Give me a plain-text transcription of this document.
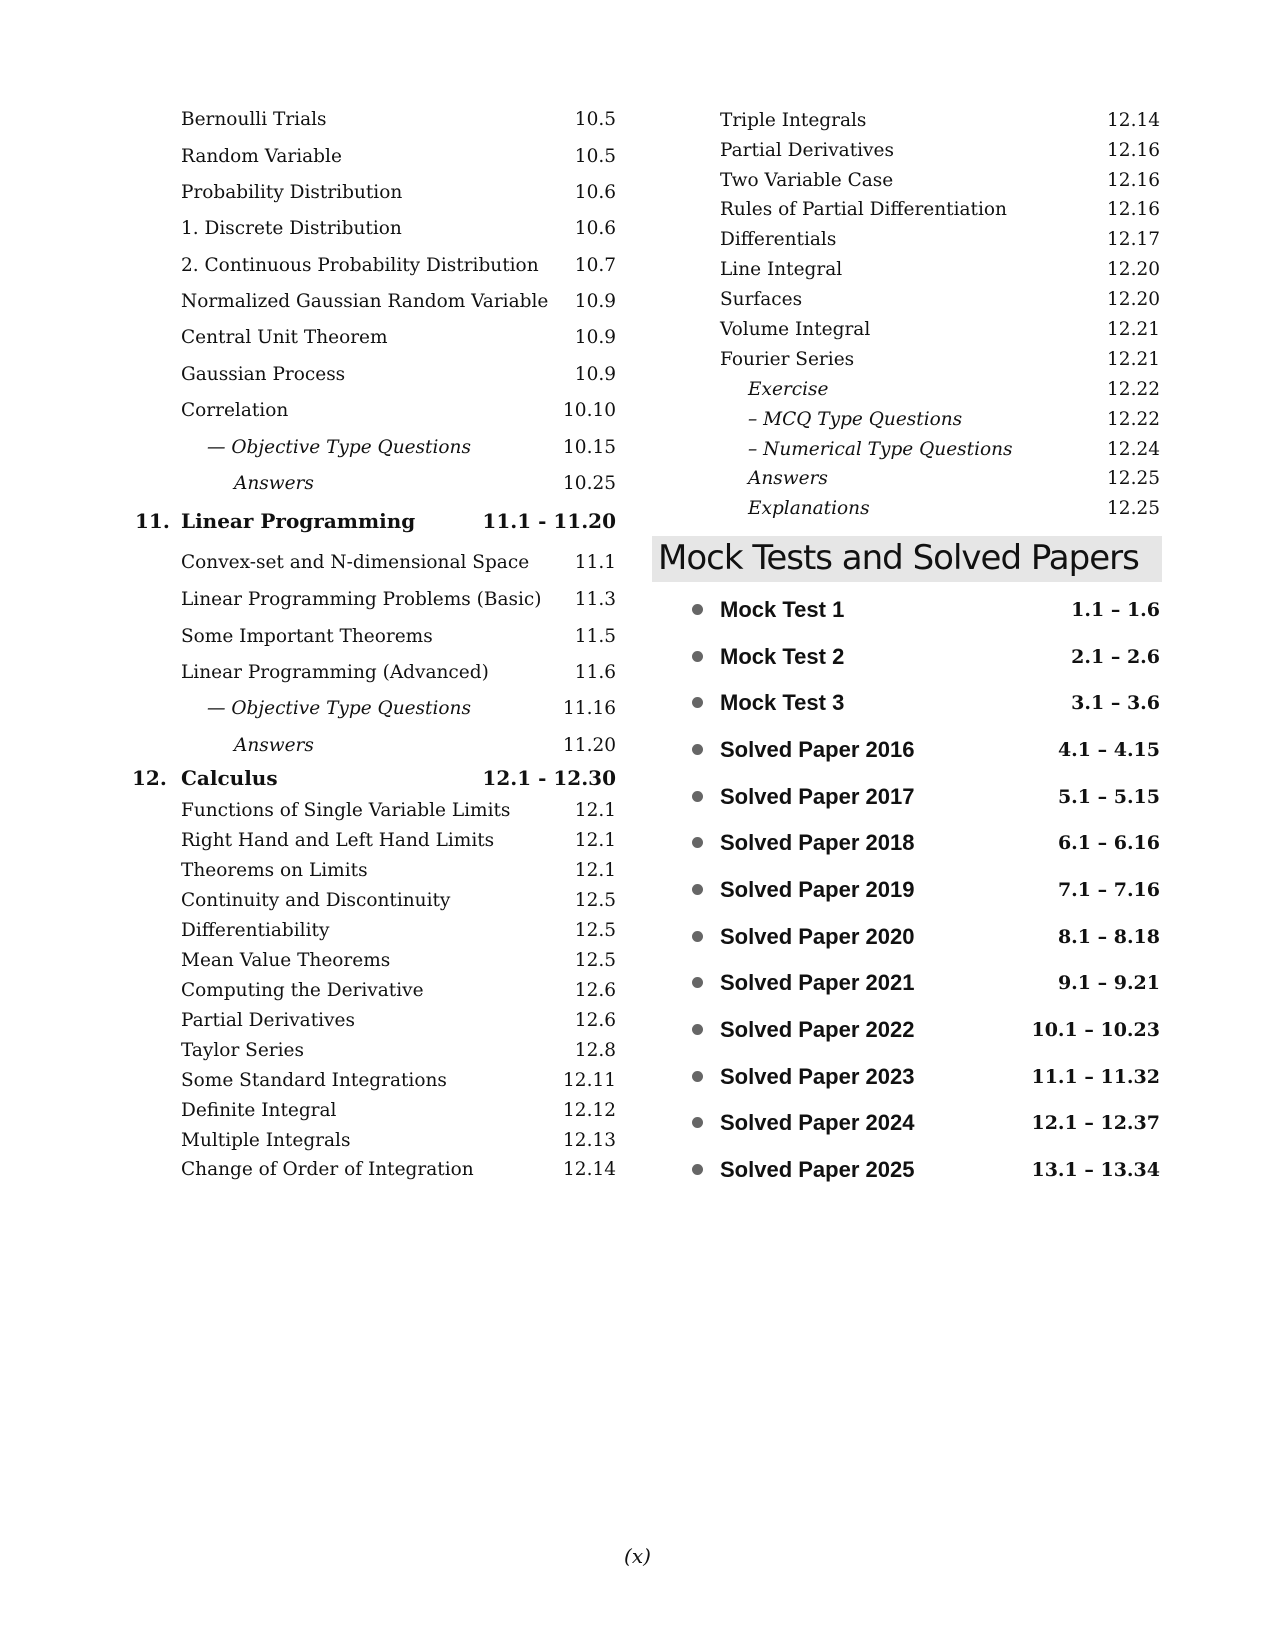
Bernoulli Trials	10.5
Random Variable	10.5
Probability Distribution	10.6
1. Discrete Distribution	10.6
2. Continuous Probability Distribution 10.7
Normalized Gaussian Random Variable 10.9
Central Unit Theorem	10.9
Gaussian Process	10.9
Correlation	10.10
— Objective Type Questions	10.15
Answers	10.25
11. Linear Programming	11.1 - 11.20
Convex-set and N-dimensional Space 11.1
Linear Programming Problems (Basic) 11.3
Some Important Theorems	11.5
Linear Programming (Advanced)	11.6
— Objective Type Questions	11.16
Answers	11.20
12. Calculus	12.1 - 12.30
Functions of Single Variable Limits	12.1
Right Hand and Left Hand Limits	12.1
Theorems on Limits	12.1
Continuity and Discontinuity	12.5
Differentiability	12.5
Mean Value Theorems	12.5
Computing the Derivative	12.6
Partial Derivatives	12.6
Taylor Series	12.8
Some Standard Integrations	12.11
Definite Integral	12.12
Multiple Integrals	12.13
Change of Order of Integration	12.14
Triple Integrals	12.14
Partial Derivatives	12.16
Two Variable Case	12.16
Rules of Partial Differentiation	12.16
Differentials	12.17
Line Integral	12.20
Surfaces	12.20
Volume Integral	12.21
Fourier Series	12.21
Exercise	12.22
– MCQ Type Questions	12.22
– Numerical Type Questions	12.24
Answers	12.25
Explanations	12.25
Mock Tests and Solved Papers
Mock Test 1	1.1 – 1.6
Mock Test 2	2.1 – 2.6
Mock Test 3	3.1 – 3.6
Solved Paper 2016	4.1 – 4.15
Solved Paper 2017	5.1 – 5.15
Solved Paper 2018	6.1 – 6.16
Solved Paper 2019	7.1 – 7.16
Solved Paper 2020	8.1 – 8.18
Solved Paper 2021	9.1 – 9.21
Solved Paper 2022	10.1 – 10.23
Solved Paper 2023	11.1 – 11.32
Solved Paper 2024	12.1 – 12.37
Solved Paper 2025	13.1 – 13.34
(x)
